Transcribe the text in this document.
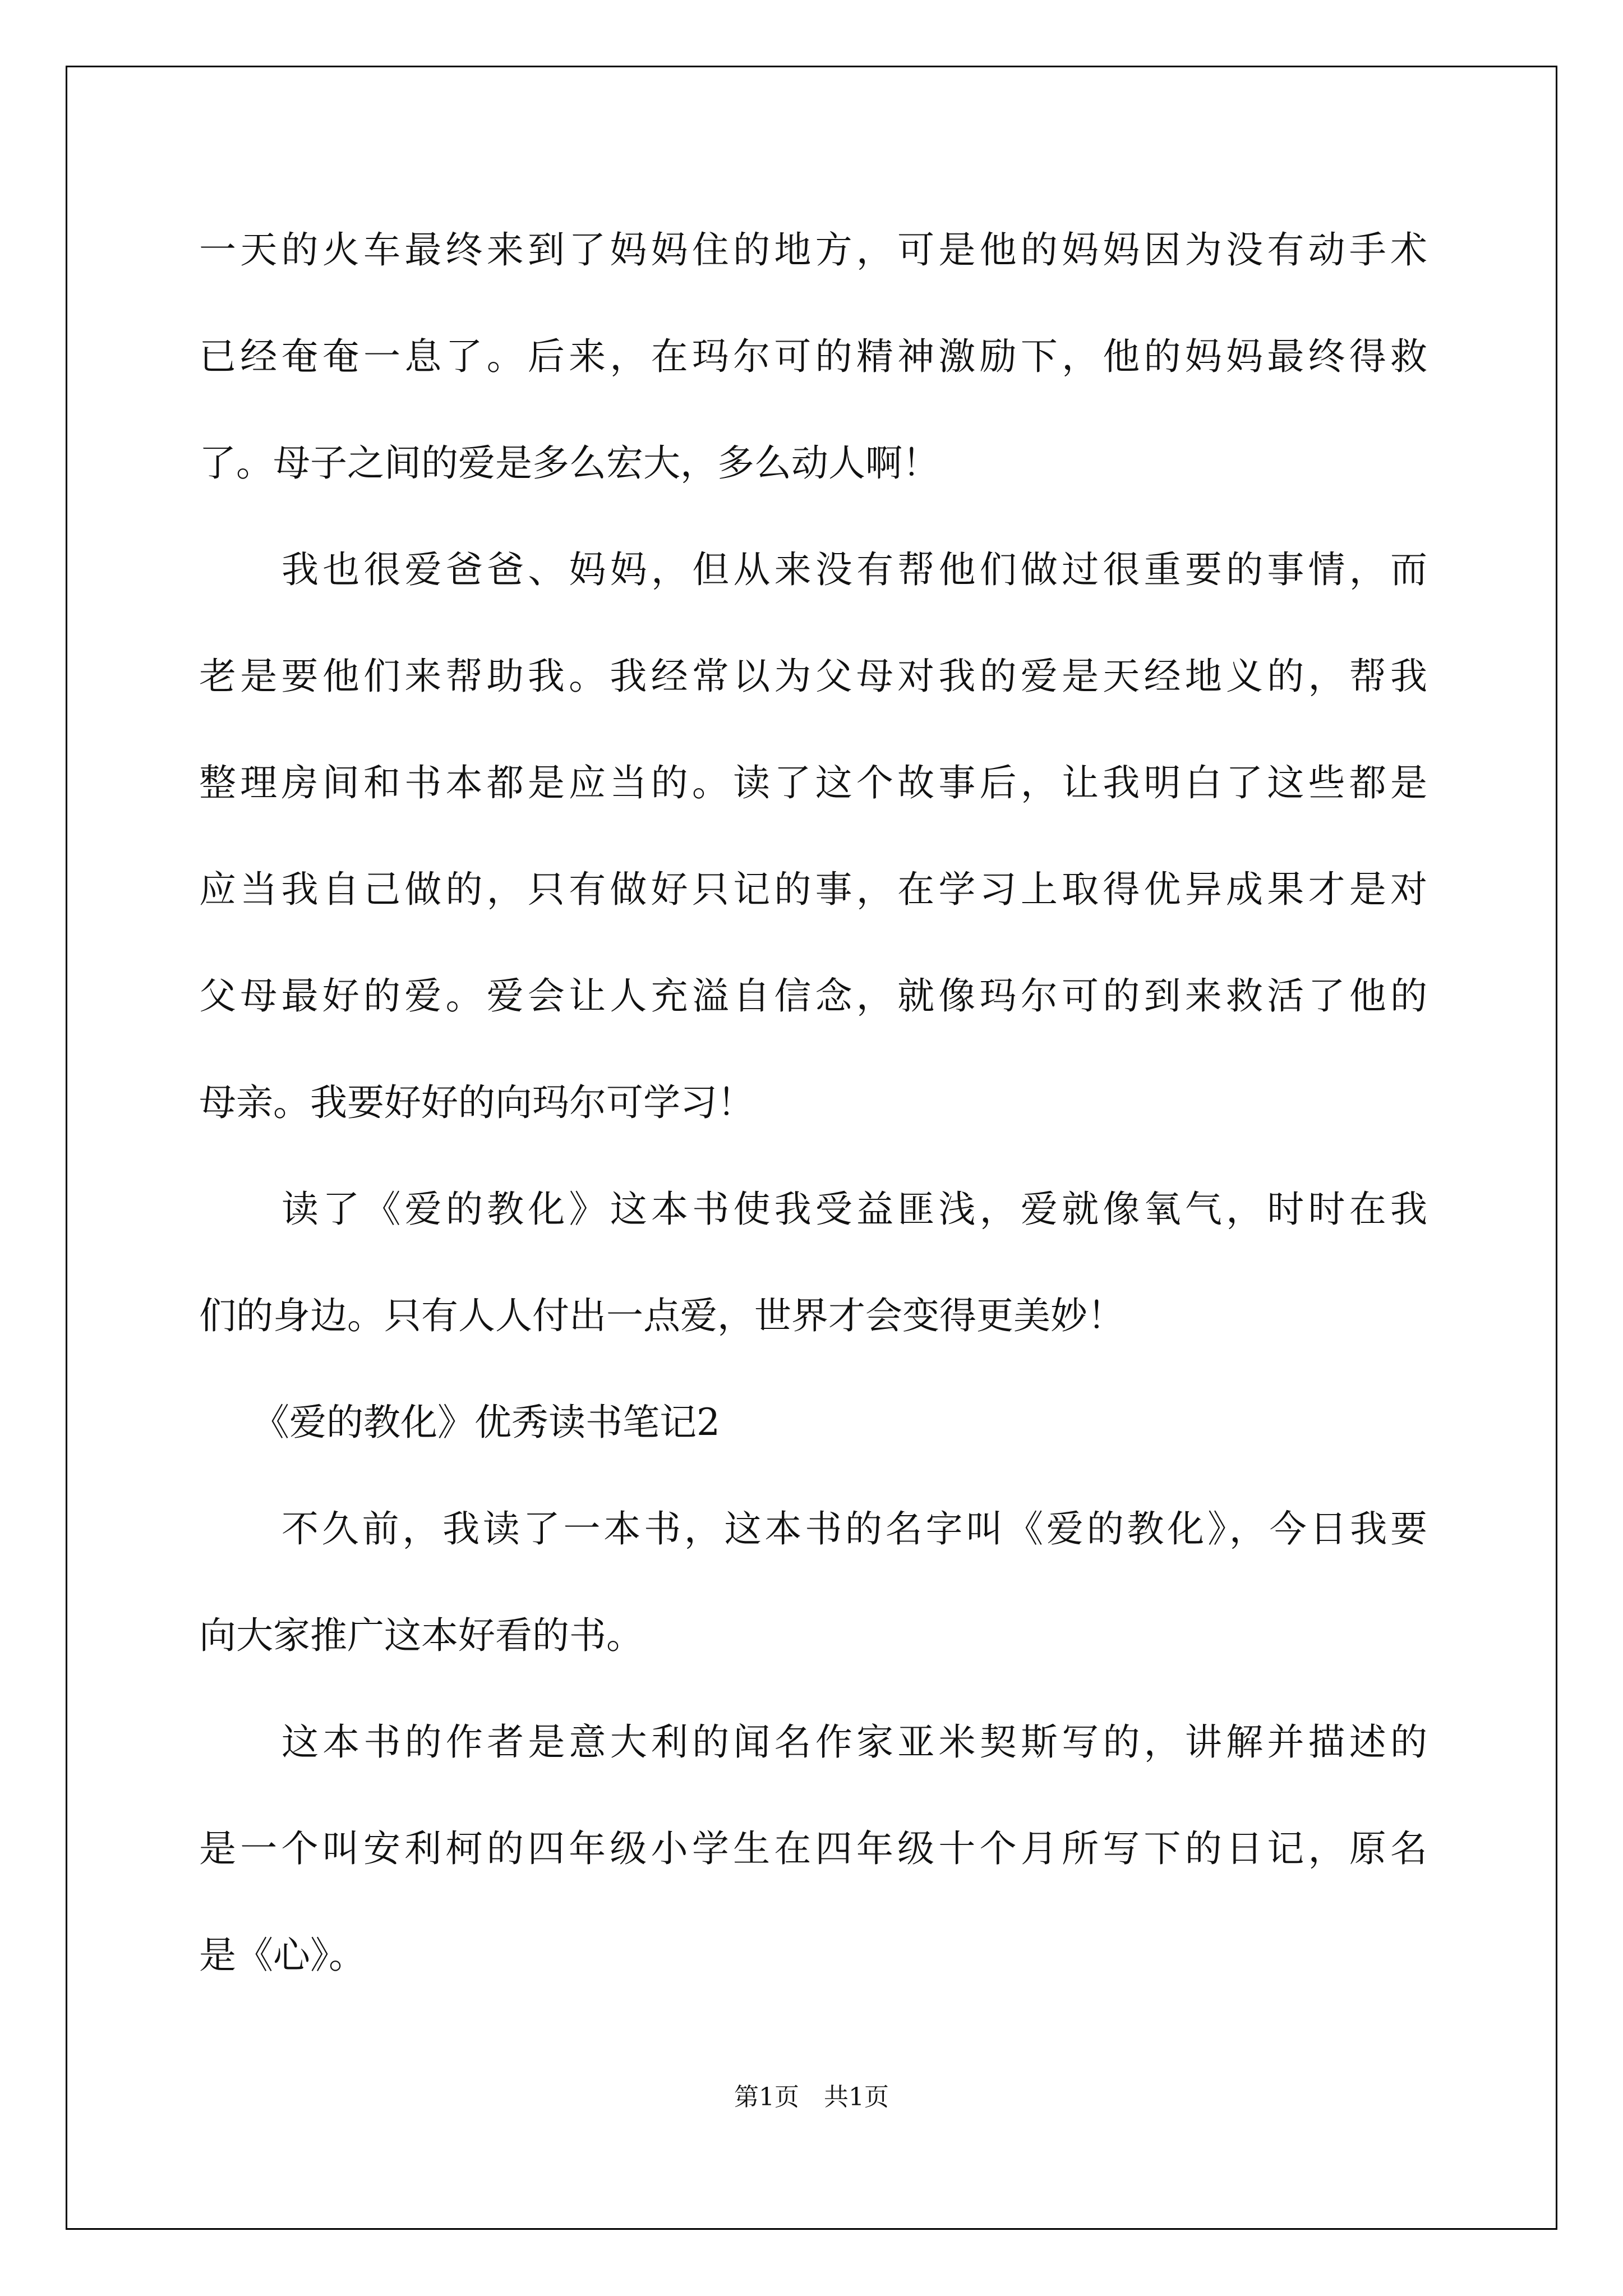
一天的火车最终来到了妈妈住的地方，可是他的妈妈因为没有动手术
已经奄奄一息了。后来，在玛尔可的精神激励下，他的妈妈最终得救
了。母子之间的爱是多么宏大，多么动人啊！
我也很爱爸爸、妈妈，但从来没有帮他们做过很重要的事情，而
老是要他们来帮助我。我经常以为父母对我的爱是天经地义的，帮我
整理房间和书本都是应当的。读了这个故事后，让我明白了这些都是
应当我自己做的，只有做好只记的事，在学习上取得优异成果才是对
父母最好的爱。爱会让人充溢自信念，就像玛尔可的到来救活了他的
母亲。我要好好的向玛尔可学习！
读了《爱的教化》这本书使我受益匪浅，爱就像氧气，时时在我
们的身边。只有人人付出一点爱，世界才会变得更美妙！
《爱的教化》优秀读书笔记2
不久前，我读了一本书，这本书的名字叫《爱的教化》，今日我要
向大家推广这本好看的书。
这本书的作者是意大利的闻名作家亚米契斯写的，讲解并描述的
是一个叫安利柯的四年级小学生在四年级十个月所写下的日记，原名
是《心》。
第1页　共1页
